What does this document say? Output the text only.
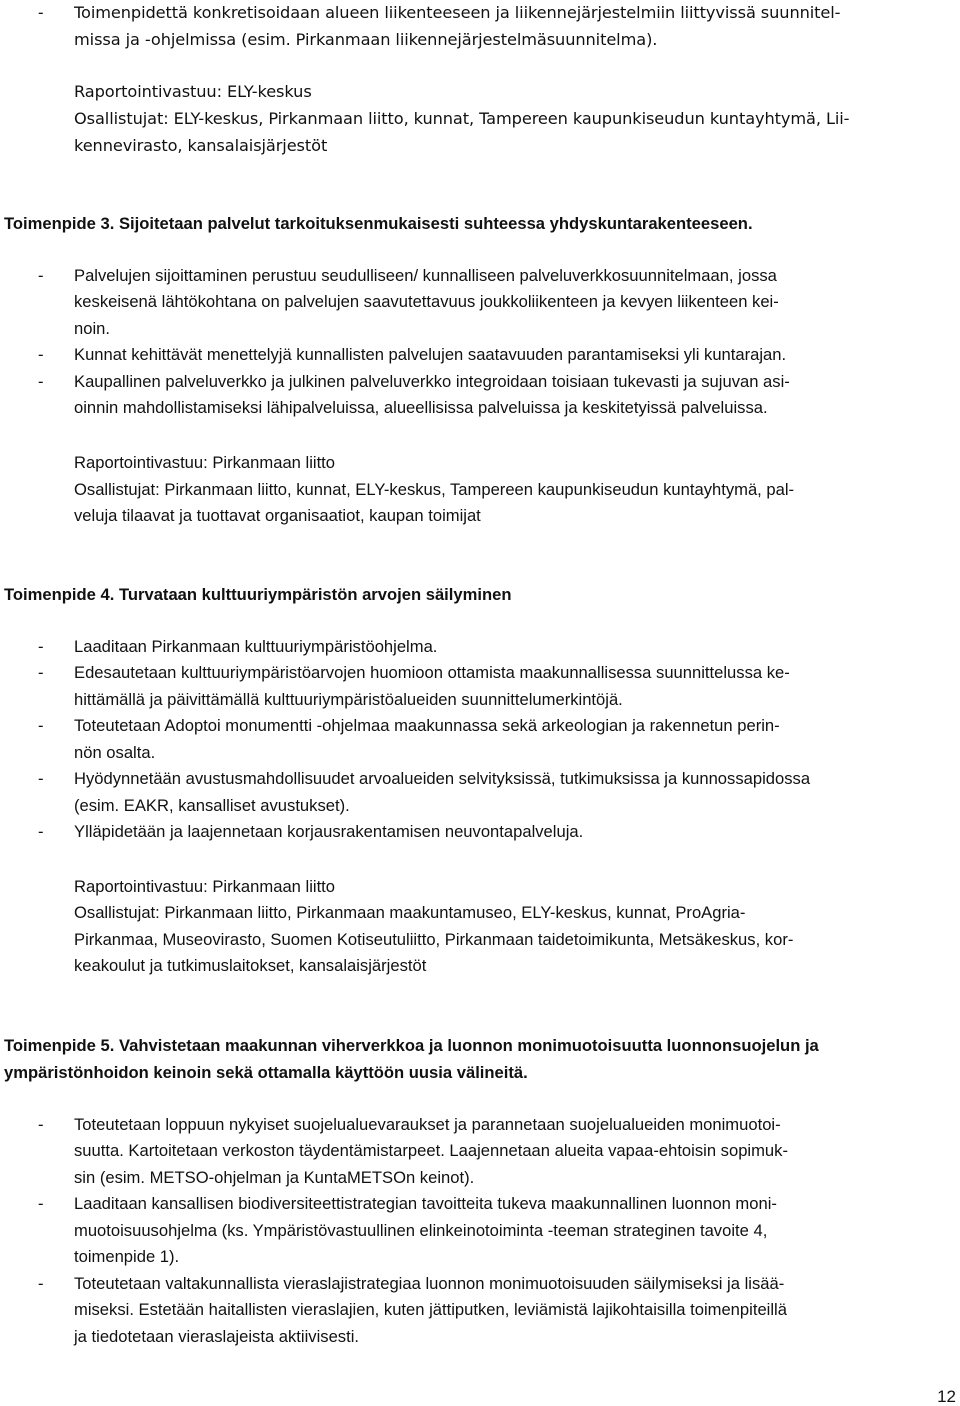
- Toimenpidettä konkretisoidaan alueen liikenteeseen ja liikennejärjestelmiin liittyvissä suunnitel-
missa ja -ohjelmissa (esim. Pirkanmaan liikennejärjestelmäsuunnitelma).
Raportointivastuu: ELY-keskus
Osallistujat: ELY-keskus, Pirkanmaan liitto, kunnat, Tampereen kaupunkiseudun kuntayhtymä, Lii-
kennevirasto, kansalaisjärjestöt
Toimenpide 3. Sijoitetaan palvelut tarkoituksenmukaisesti suhteessa yhdyskuntarakenteeseen.
- Palvelujen sijoittaminen perustuu seudulliseen/ kunnalliseen palveluverkkosuunnitelmaan, jossa
keskeisenä lähtökohtana on palvelujen saavutettavuus joukkoliikenteen ja kevyen liikenteen kei-
noin.
- Kunnat kehittävät menettelyjä kunnallisten palvelujen saatavuuden parantamiseksi yli kuntarajan.
- Kaupallinen palveluverkko ja julkinen palveluverkko integroidaan toisiaan tukevasti ja sujuvan asi-
oinnin mahdollistamiseksi lähipalveluissa, alueellisissa palveluissa ja keskitetyissä palveluissa.
Raportointivastuu: Pirkanmaan liitto
Osallistujat: Pirkanmaan liitto, kunnat, ELY-keskus, Tampereen kaupunkiseudun kuntayhtymä, pal-
veluja tilaavat ja tuottavat organisaatiot, kaupan toimijat
Toimenpide 4. Turvataan kulttuuriympäristön arvojen säilyminen
- Laaditaan Pirkanmaan kulttuuriympäristöohjelma.
- Edesautetaan kulttuuriympäristöarvojen huomioon ottamista maakunnallisessa suunnittelussa ke-
hittämällä ja päivittämällä kulttuuriympäristöalueiden suunnittelumerkintöjä.
- Toteutetaan Adoptoi monumentti -ohjelmaa maakunnassa sekä arkeologian ja rakennetun perin-
nön osalta.
- Hyödynnetään avustusmahdollisuudet arvoalueiden selvityksissä, tutkimuksissa ja kunnossapidossa
(esim. EAKR, kansalliset avustukset).
- Ylläpidetään ja laajennetaan korjausrakentamisen neuvontapalveluja.
Raportointivastuu: Pirkanmaan liitto
Osallistujat: Pirkanmaan liitto, Pirkanmaan maakuntamuseo, ELY-keskus, kunnat, ProAgria-
Pirkanmaa, Museovirasto, Suomen Kotiseutuliitto, Pirkanmaan taidetoimikunta, Metsäkeskus, kor-
keakoulut ja tutkimuslaitokset, kansalaisjärjestöt
Toimenpide 5. Vahvistetaan maakunnan viherverkkoa ja luonnon monimuotoisuutta luonnonsuojelun ja
ympäristönhoidon keinoin sekä ottamalla käyttöön uusia välineitä.
- Toteutetaan loppuun nykyiset suojelualuevaraukset ja parannetaan suojelualueiden monimuotoi-
suutta. Kartoitetaan verkoston täydentämistarpeet. Laajennetaan alueita vapaa-ehtoisin sopimuk-
sin (esim. METSO-ohjelman ja KuntaMETSOn keinot).
- Laaditaan kansallisen biodiversiteettistrategian tavoitteita tukeva maakunnallinen luonnon moni-
muotoisuusohjelma (ks. Ympäristövastuullinen elinkeinotoiminta -teeman strateginen tavoite 4,
toimenpide 1).
- Toteutetaan valtakunnallista vieraslajistrategiaa luonnon monimuotoisuuden säilymiseksi ja lisää-
miseksi. Estetään haitallisten vieraslajien, kuten jättiputken, leviämistä lajikohtaisilla toimenpiteillä
ja tiedotetaan vieraslajeista aktiivisesti.
12
